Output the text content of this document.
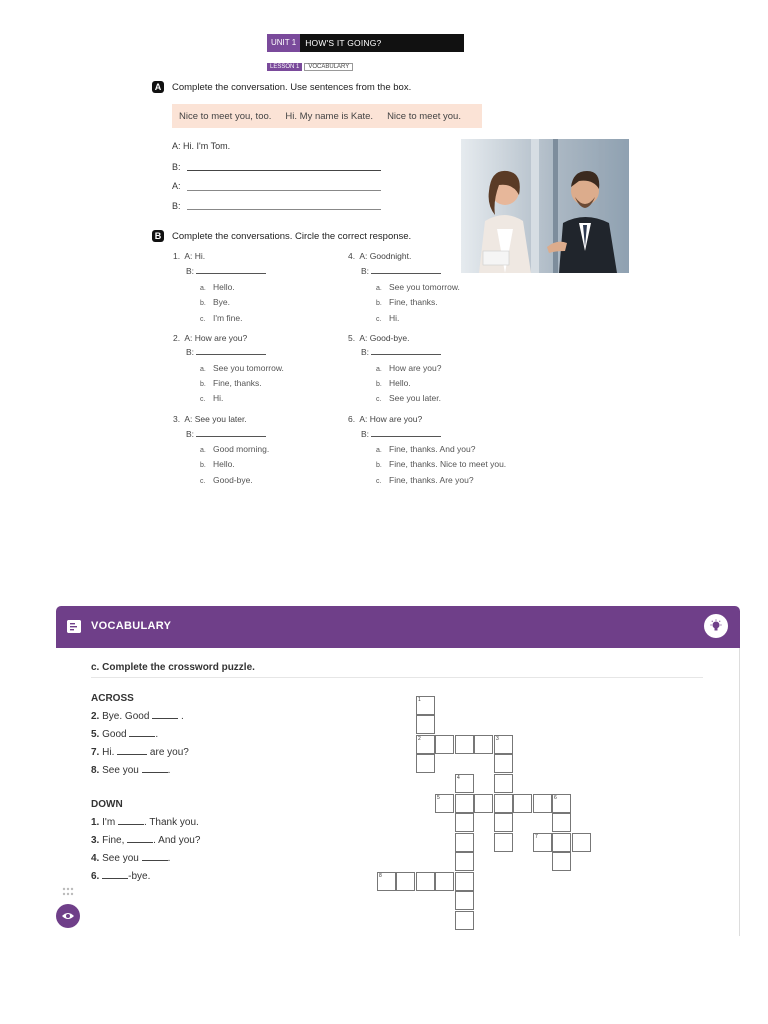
UNIT 1	HOW'S IT GOING?
LESSON 1	VOCABULARY
A Complete the conversation. Use sentences from the box.
Nice to meet you, too.	Hi. My name is Kate.	Nice to meet you.
A: Hi. I'm Tom.
B:
A:
B:
B Complete the conversations. Circle the correct response.
1. A: Hi.
B:
a. Hello.
b. Bye.
c. I'm fine.
2. A: How are you?
B:
a. See you tomorrow.
b. Fine, thanks.
c. Hi.
3. A: See you later.
B:
a. Good morning.
b. Hello.
c. Good-bye.
4. A: Goodnight.
B:
a. See you tomorrow.
b. Fine, thanks.
c. Hi.
5. A: Good-bye.
B:
a. How are you?
b. Hello.
c. See you later.
6. A: How are you?
B:
a. Fine, thanks. And you?
b. Fine, thanks. Nice to meet you.
c. Fine, thanks. Are you?
VOCABULARY
c. Complete the crossword puzzle.
ACROSS
2. Bye. Good	.
5. Good	.
7. Hi.	are you?
8. See you	.
DOWN
1. I'm	. Thank you.
3. Fine,	. And you?
4. See you	.
6.	-bye.
1
2	3
4
5	6
7
8
